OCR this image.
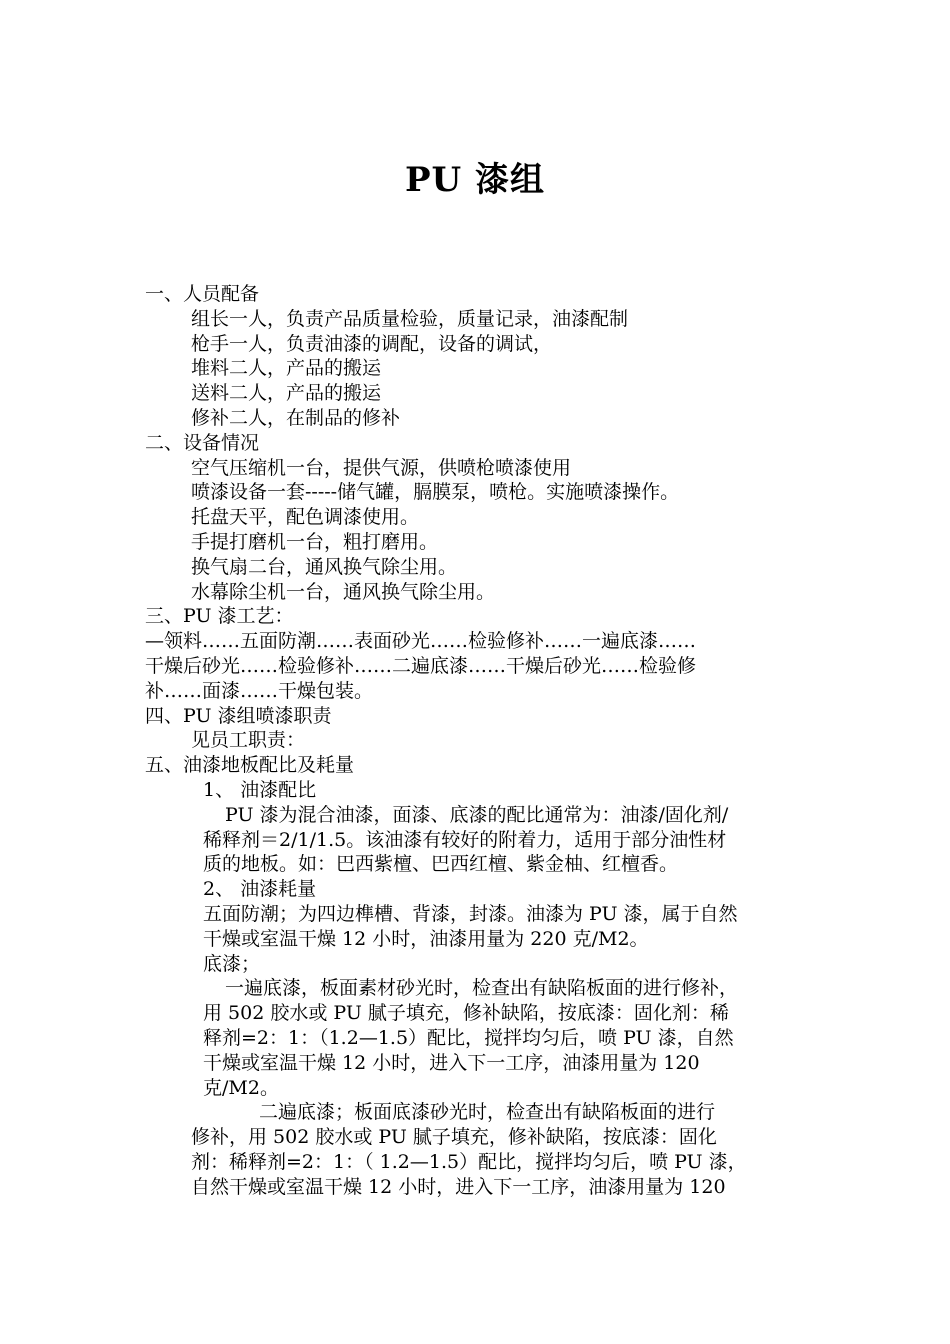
PU 漆组
一、人员配备
组长一人，负责产品质量检验，质量记录，油漆配制
枪手一人，负责油漆的调配，设备的调试，
堆料二人，产品的搬运
送料二人，产品的搬运
修补二人，在制品的修补
二、设备情况
空气压缩机一台，提供气源，供喷枪喷漆使用
喷漆设备一套-----储气罐，膈膜泵，喷枪。实施喷漆操作。
托盘天平，配色调漆使用。
手提打磨机一台，粗打磨用。
换气扇二台，通风换气除尘用。
水幕除尘机一台，通风换气除尘用。
三、PU 漆工艺：
—领料……五面防潮……表面砂光……检验修补……一遍底漆……
干燥后砂光……检验修补……二遍底漆……干燥后砂光……检验修
补……面漆……干燥包装。
四、PU 漆组喷漆职责
见员工职责：
五、油漆地板配比及耗量
1、 油漆配比
PU 漆为混合油漆，面漆、底漆的配比通常为：油漆/固化剂/
稀释剂＝2/1/1.5。该油漆有较好的附着力，适用于部分油性材
质的地板。如：巴西紫檀、巴西红檀、紫金柚、红檀香。
2、 油漆耗量
五面防潮；为四边榫槽、背漆，封漆。油漆为 PU 漆，属于自然
干燥或室温干燥 12 小时，油漆用量为 220 克/M2。
底漆；
一遍底漆，板面素材砂光时，检查出有缺陷板面的进行修补，
用 502 胶水或 PU 腻子填充，修补缺陷，按底漆：固化剂：稀
释剂=2：1：（1.2—1.5）配比，搅拌均匀后，喷 PU 漆，自然
干燥或室温干燥 12 小时，进入下一工序，油漆用量为 120
克/M2。
二遍底漆；板面底漆砂光时，检查出有缺陷板面的进行
修补，用 502 胶水或 PU 腻子填充，修补缺陷，按底漆：固化
剂：稀释剂=2：1：（ 1.2—1.5）配比，搅拌均匀后，喷 PU 漆，
自然干燥或室温干燥 12 小时，进入下一工序，油漆用量为 120
